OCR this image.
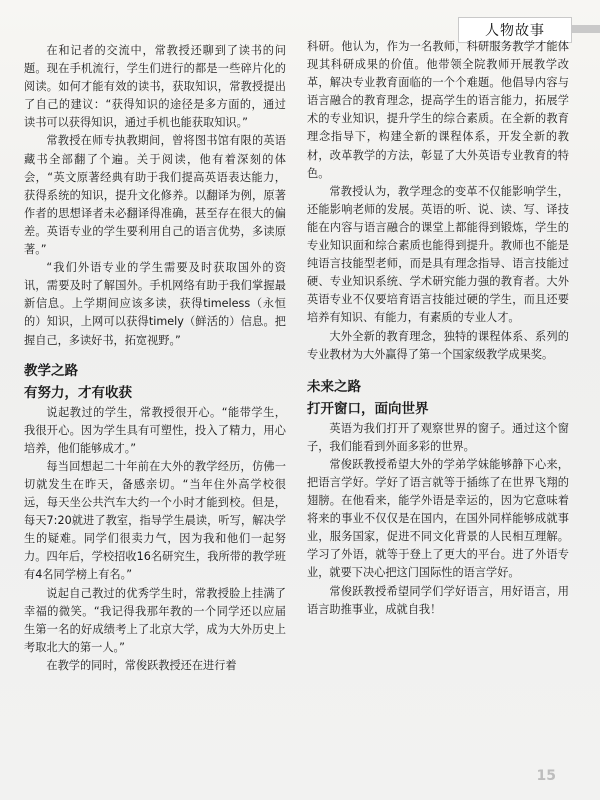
人物故事

在和记者的交流中，常教授还聊到了读书的问题。现在手机流行，学生们进行的都是一些碎片化的阅读。如何才能有效的读书，获取知识，常教授提出了自己的建议：“获得知识的途径是多方面的，通过读书可以获得知识，通过手机也能获取知识。”

常教授在师专执教期间，曾将图书馆有限的英语藏书全部翻了个遍。关于阅读，他有着深刻的体会，“英文原著经典有助于我们提高英语表达能力，获得系统的知识，提升文化修养。以翻译为例，原著作者的思想译者未必翻译得准确，甚至存在很大的偏差。英语专业的学生要利用自己的语言优势，多读原著。”

“我们外语专业的学生需要及时获取国外的资讯，需要及时了解国外。手机网络有助于我们掌握最新信息。上学期间应该多读，获得timeless（永恒的）知识，上网可以获得timely（鲜活的）信息。把握自己，多读好书，拓宽视野。”

教学之路
有努力，才有收获

说起教过的学生，常教授很开心。“能带学生，我很开心。因为学生具有可塑性，投入了精力，用心培养，他们能够成才。”

每当回想起二十年前在大外的教学经历，仿佛一切就发生在昨天，备感亲切。“当年住外高学校很远，每天坐公共汽车大约一个小时才能到校。但是，每天7:20就进了教室，指导学生晨读，听写，解决学生的疑难。同学们很卖力气，因为我和他们一起努力。四年后，学校招收16名研究生，我所带的教学班有4名同学榜上有名。”

说起自己教过的优秀学生时，常教授脸上挂满了幸福的微笑。“我记得我那年教的一个同学还以应届生第一名的好成绩考上了北京大学，成为大外历史上考取北大的第一人。”

在教学的同时，常俊跃教授还在进行着

科研。他认为，作为一名教师，科研服务教学才能体现其科研成果的价值。他带领全院教师开展教学改革，解决专业教育面临的一个个难题。他倡导内容与语言融合的教育理念，提高学生的语言能力，拓展学术的专业知识，提升学生的综合素质。在全新的教育理念指导下，构建全新的课程体系，开发全新的教材，改革教学的方法，彰显了大外英语专业教育的特色。

常教授认为，教学理念的变革不仅能影响学生，还能影响老师的发展。英语的听、说、读、写、译技能在内容与语言融合的课堂上都能得到锻炼，学生的专业知识面和综合素质也能得到提升。教师也不能是纯语言技能型老师，而是具有理念指导、语言技能过硬、专业知识系统、学术研究能力强的教育者。大外英语专业不仅要培育语言技能过硬的学生，而且还要培养有知识、有能力，有素质的专业人才。

大外全新的教育理念，独特的课程体系、系列的专业教材为大外赢得了第一个国家级教学成果奖。

未来之路
打开窗口，面向世界

英语为我们打开了观察世界的窗子。通过这个窗子，我们能看到外面多彩的世界。

常俊跃教授希望大外的学弟学妹能够静下心来，把语言学好。学好了语言就等于插练了在世界飞翔的翅膀。在他看来，能学外语是幸运的，因为它意味着将来的事业不仅仅是在国内，在国外同样能够成就事业，服务国家，促进不同文化背景的人民相互理解。学习了外语，就等于登上了更大的平台。进了外语专业，就要下决心把这门国际性的语言学好。

常俊跃教授希望同学们学好语言，用好语言，用语言助推事业，成就自我！

15
